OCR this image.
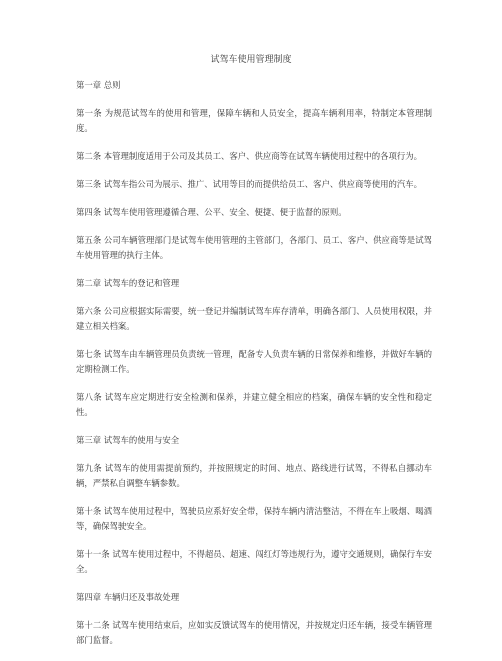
试驾车使用管理制度

第一章 总则

第一条 为规范试驾车的使用和管理，保障车辆和人员安全，提高车辆利用率，特制定本管理制度。

第二条 本管理制度适用于公司及其员工、客户、供应商等在试驾车辆使用过程中的各项行为。

第三条 试驾车指公司为展示、推广、试用等目的而提供给员工、客户、供应商等使用的汽车。

第四条 试驾车使用管理遵循合理、公平、安全、便捷、便于监督的原则。

第五条 公司车辆管理部门是试驾车使用管理的主管部门，各部门、员工、客户、供应商等是试驾车使用管理的执行主体。

第二章 试驾车的登记和管理

第六条 公司应根据实际需要，统一登记并编制试驾车库存清单，明确各部门、人员使用权限，并建立相关档案。

第七条 试驾车由车辆管理员负责统一管理，配备专人负责车辆的日常保养和维修，并做好车辆的定期检测工作。

第八条 试驾车应定期进行安全检测和保养，并建立健全相应的档案，确保车辆的安全性和稳定性。

第三章 试驾车的使用与安全

第九条 试驾车的使用需提前预约，并按照规定的时间、地点、路线进行试驾，不得私自挪动车辆，严禁私自调整车辆参数。

第十条 试驾车使用过程中，驾驶员应系好安全带，保持车辆内清洁整洁，不得在车上吸烟、喝酒等，确保驾驶安全。

第十一条 试驾车使用过程中，不得超员、超速、闯红灯等违规行为，遵守交通规则，确保行车安全。

第四章 车辆归还及事故处理

第十二条 试驾车使用结束后，应如实反馈试驾车的使用情况，并按规定归还车辆，接受车辆管理部门监督。
